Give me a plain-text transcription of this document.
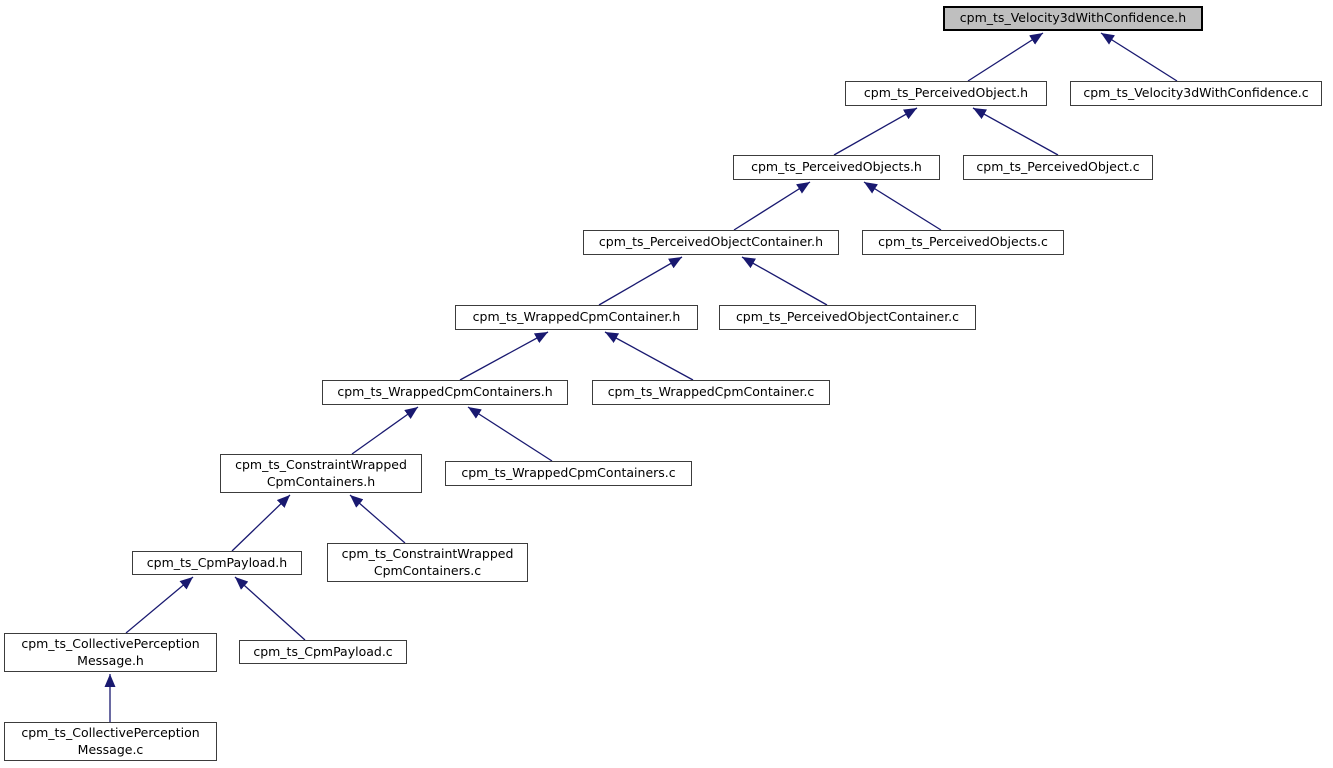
cpm_ts_Velocity3dWithConfidence.h
cpm_ts_PerceivedObject.h	cpm_ts_Velocity3dWithConfidence.c
cpm_ts_PerceivedObjects.h	cpm_ts_PerceivedObject.c
cpm_ts_PerceivedObjectContainer.h	cpm_ts_PerceivedObjects.c
cpm_ts_WrappedCpmContainer.h	cpm_ts_PerceivedObjectContainer.c
cpm_ts_WrappedCpmContainers.h	cpm_ts_WrappedCpmContainer.c
cpm_ts_ConstraintWrapped
CpmContainers.h
cpm_ts_WrappedCpmContainers.c
cpm_ts_CpmPayload.h
cpm_ts_ConstraintWrapped
CpmContainers.c
cpm_ts_CollectivePerception
Message.h
cpm_ts_CpmPayload.c
cpm_ts_CollectivePerception
Message.c
